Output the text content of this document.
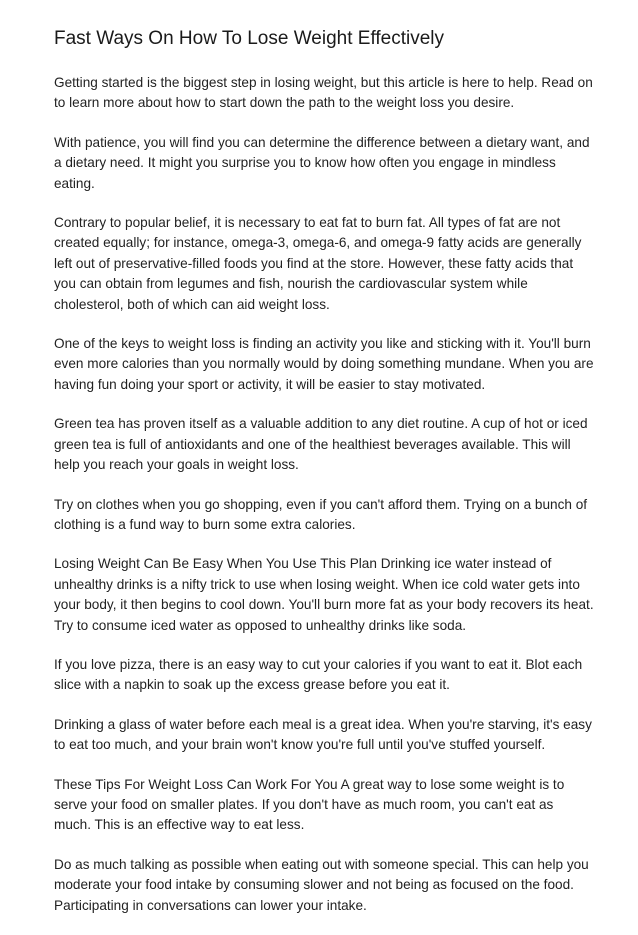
Fast Ways On How To Lose Weight Effectively

Getting started is the biggest step in losing weight, but this article is here to help. Read on to learn more about how to start down the path to the weight loss you desire.

With patience, you will find you can determine the difference between a dietary want, and a dietary need. It might you surprise you to know how often you engage in mindless eating.

Contrary to popular belief, it is necessary to eat fat to burn fat. All types of fat are not created equally; for instance, omega-3, omega-6, and omega-9 fatty acids are generally left out of preservative-filled foods you find at the store. However, these fatty acids that you can obtain from legumes and fish, nourish the cardiovascular system while cholesterol, both of which can aid weight loss.

One of the keys to weight loss is finding an activity you like and sticking with it. You'll burn even more calories than you normally would by doing something mundane. When you are having fun doing your sport or activity, it will be easier to stay motivated.

Green tea has proven itself as a valuable addition to any diet routine. A cup of hot or iced green tea is full of antioxidants and one of the healthiest beverages available. This will help you reach your goals in weight loss.

Try on clothes when you go shopping, even if you can't afford them. Trying on a bunch of clothing is a fund way to burn some extra calories.

Losing Weight Can Be Easy When You Use This Plan Drinking ice water instead of unhealthy drinks is a nifty trick to use when losing weight. When ice cold water gets into your body, it then begins to cool down. You'll burn more fat as your body recovers its heat. Try to consume iced water as opposed to unhealthy drinks like soda.

If you love pizza, there is an easy way to cut your calories if you want to eat it. Blot each slice with a napkin to soak up the excess grease before you eat it.

Drinking a glass of water before each meal is a great idea. When you're starving, it's easy to eat too much, and your brain won't know you're full until you've stuffed yourself.

These Tips For Weight Loss Can Work For You A great way to lose some weight is to serve your food on smaller plates. If you don't have as much room, you can't eat as much. This is an effective way to eat less.

Do as much talking as possible when eating out with someone special. This can help you moderate your food intake by consuming slower and not being as focused on the food. Participating in conversations can lower your intake.
